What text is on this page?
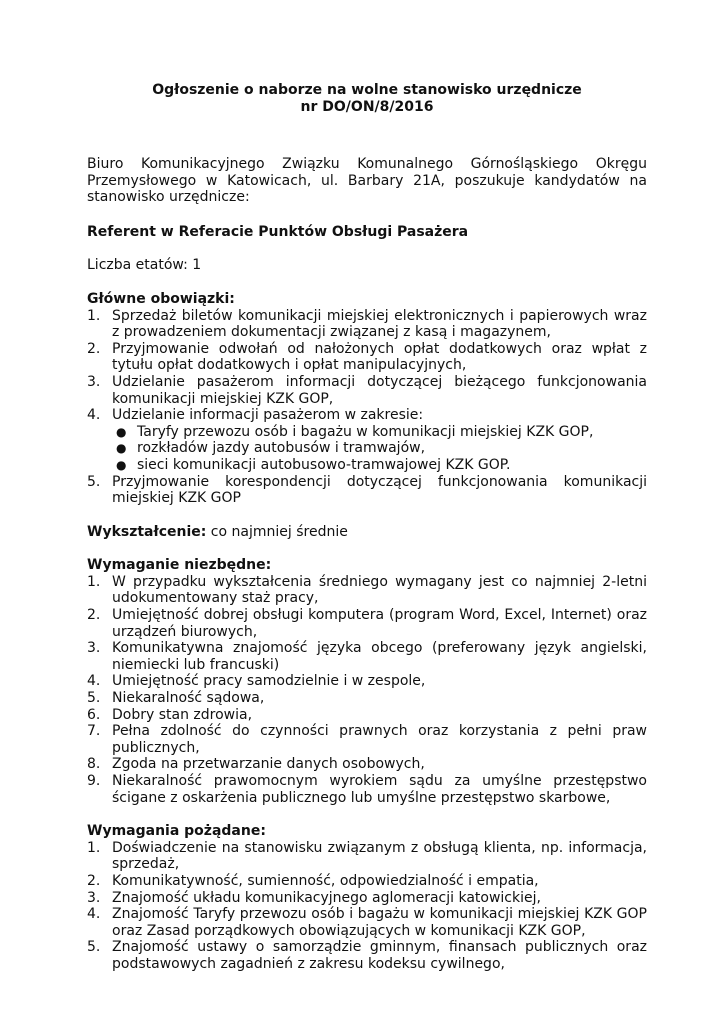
Ogłoszenie o naborze na wolne stanowisko urzędnicze
nr DO/ON/8/2016
Biuro Komunikacyjnego Związku Komunalnego Górnośląskiego Okręgu Przemysłowego w Katowicach, ul. Barbary 21A, poszukuje kandydatów na stanowisko urzędnicze:
Referent w Referacie Punktów Obsługi Pasażera
Liczba etatów: 1
Główne obowiązki:
1. Sprzedaż biletów komunikacji miejskiej elektronicznych i papierowych wraz z prowadzeniem dokumentacji związanej z kasą i magazynem,
2. Przyjmowanie odwołań od nałożonych opłat dodatkowych oraz wpłat z tytułu opłat dodatkowych i opłat manipulacyjnych,
3. Udzielanie pasażerom informacji dotyczącej bieżącego funkcjonowania komunikacji miejskiej KZK GOP,
4. Udzielanie informacji pasażerom w zakresie:
● Taryfy przewozu osób i bagażu w komunikacji miejskiej KZK GOP,
● rozkładów jazdy autobusów i tramwajów,
● sieci komunikacji autobusowo-tramwajowej KZK GOP.
5. Przyjmowanie korespondencji dotyczącej funkcjonowania komunikacji miejskiej KZK GOP
Wykształcenie: co najmniej średnie
Wymaganie niezbędne:
1. W przypadku wykształcenia średniego wymagany jest co najmniej 2-letni udokumentowany staż pracy,
2. Umiejętność dobrej obsługi komputera (program Word, Excel, Internet) oraz urządzeń biurowych,
3. Komunikatywna znajomość języka obcego (preferowany język angielski, niemiecki lub francuski)
4. Umiejętność pracy samodzielnie i w zespole,
5. Niekaralność sądowa,
6. Dobry stan zdrowia,
7. Pełna zdolność do czynności prawnych oraz korzystania z pełni praw publicznych,
8. Zgoda na przetwarzanie danych osobowych,
9. Niekaralność prawomocnym wyrokiem sądu za umyślne przestępstwo ścigane z oskarżenia publicznego lub umyślne przestępstwo skarbowe,
Wymagania pożądane:
1. Doświadczenie na stanowisku związanym z obsługą klienta, np. informacja, sprzedaż,
2. Komunikatywność, sumienność, odpowiedzialność i empatia,
3. Znajomość układu komunikacyjnego aglomeracji katowickiej,
4. Znajomość Taryfy przewozu osób i bagażu w komunikacji miejskiej KZK GOP oraz Zasad porządkowych obowiązujących w komunikacji KZK GOP,
5. Znajomość ustawy o samorządzie gminnym, finansach publicznych oraz podstawowych zagadnień z zakresu kodeksu cywilnego,
